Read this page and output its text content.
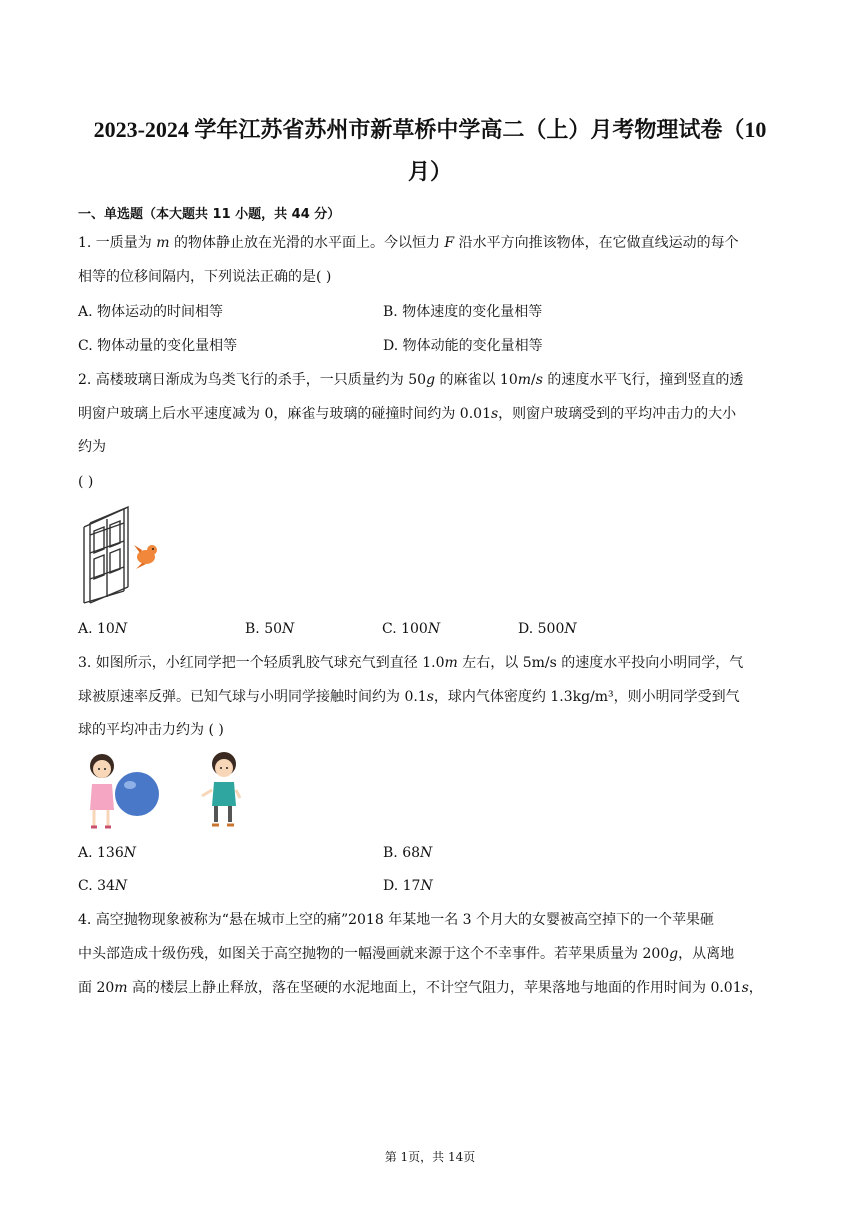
2023-2024 学年江苏省苏州市新草桥中学高二（上）月考物理试卷（10
月）
一、单选题（本大题共 11 小题，共 44 分）
1. 一质量为 𝑚 的物体静止放在光滑的水平面上。今以恒力 𝐹 沿水平方向推该物体，在它做直线运动的每个
相等的位移间隔内，下列说法正确的是( )
A. 物体运动的时间相等	B. 物体速度的变化量相等
C. 物体动量的变化量相等	D. 物体动能的变化量相等
2. 高楼玻璃日渐成为鸟类飞行的杀手，一只质量约为 50𝑔 的麻雀以 10𝑚/𝑠 的速度水平飞行，撞到竖直的透
明窗户玻璃上后水平速度减为 0，麻雀与玻璃的碰撞时间约为 0.01𝑠，则窗户玻璃受到的平均冲击力的大小
约为
( )
A. 10𝑁	B. 50𝑁	C. 100𝑁	D. 500𝑁
3. 如图所示，小红同学把一个轻质乳胶气球充气到直径 1.0𝑚 左右，以 5m/s 的速度水平投向小明同学，气
球被原速率反弹。已知气球与小明同学接触时间约为 0.1𝑠，球内气体密度约 1.3kg/m³，则小明同学受到气
球的平均冲击力约为 ( )
A. 136𝑁	B. 68𝑁
C. 34𝑁	D. 17𝑁
4. 高空抛物现象被称为“悬在城市上空的痛”2018 年某地一名 3 个月大的女婴被高空掉下的一个苹果砸
中头部造成十级伤残，如图关于高空抛物的一幅漫画就来源于这个不幸事件。若苹果质量为 200𝑔，从离地
面 20𝑚 高的楼层上静止释放，落在坚硬的水泥地面上，不计空气阻力，苹果落地与地面的作用时间为 0.01𝑠，
第 1页，共 14页
